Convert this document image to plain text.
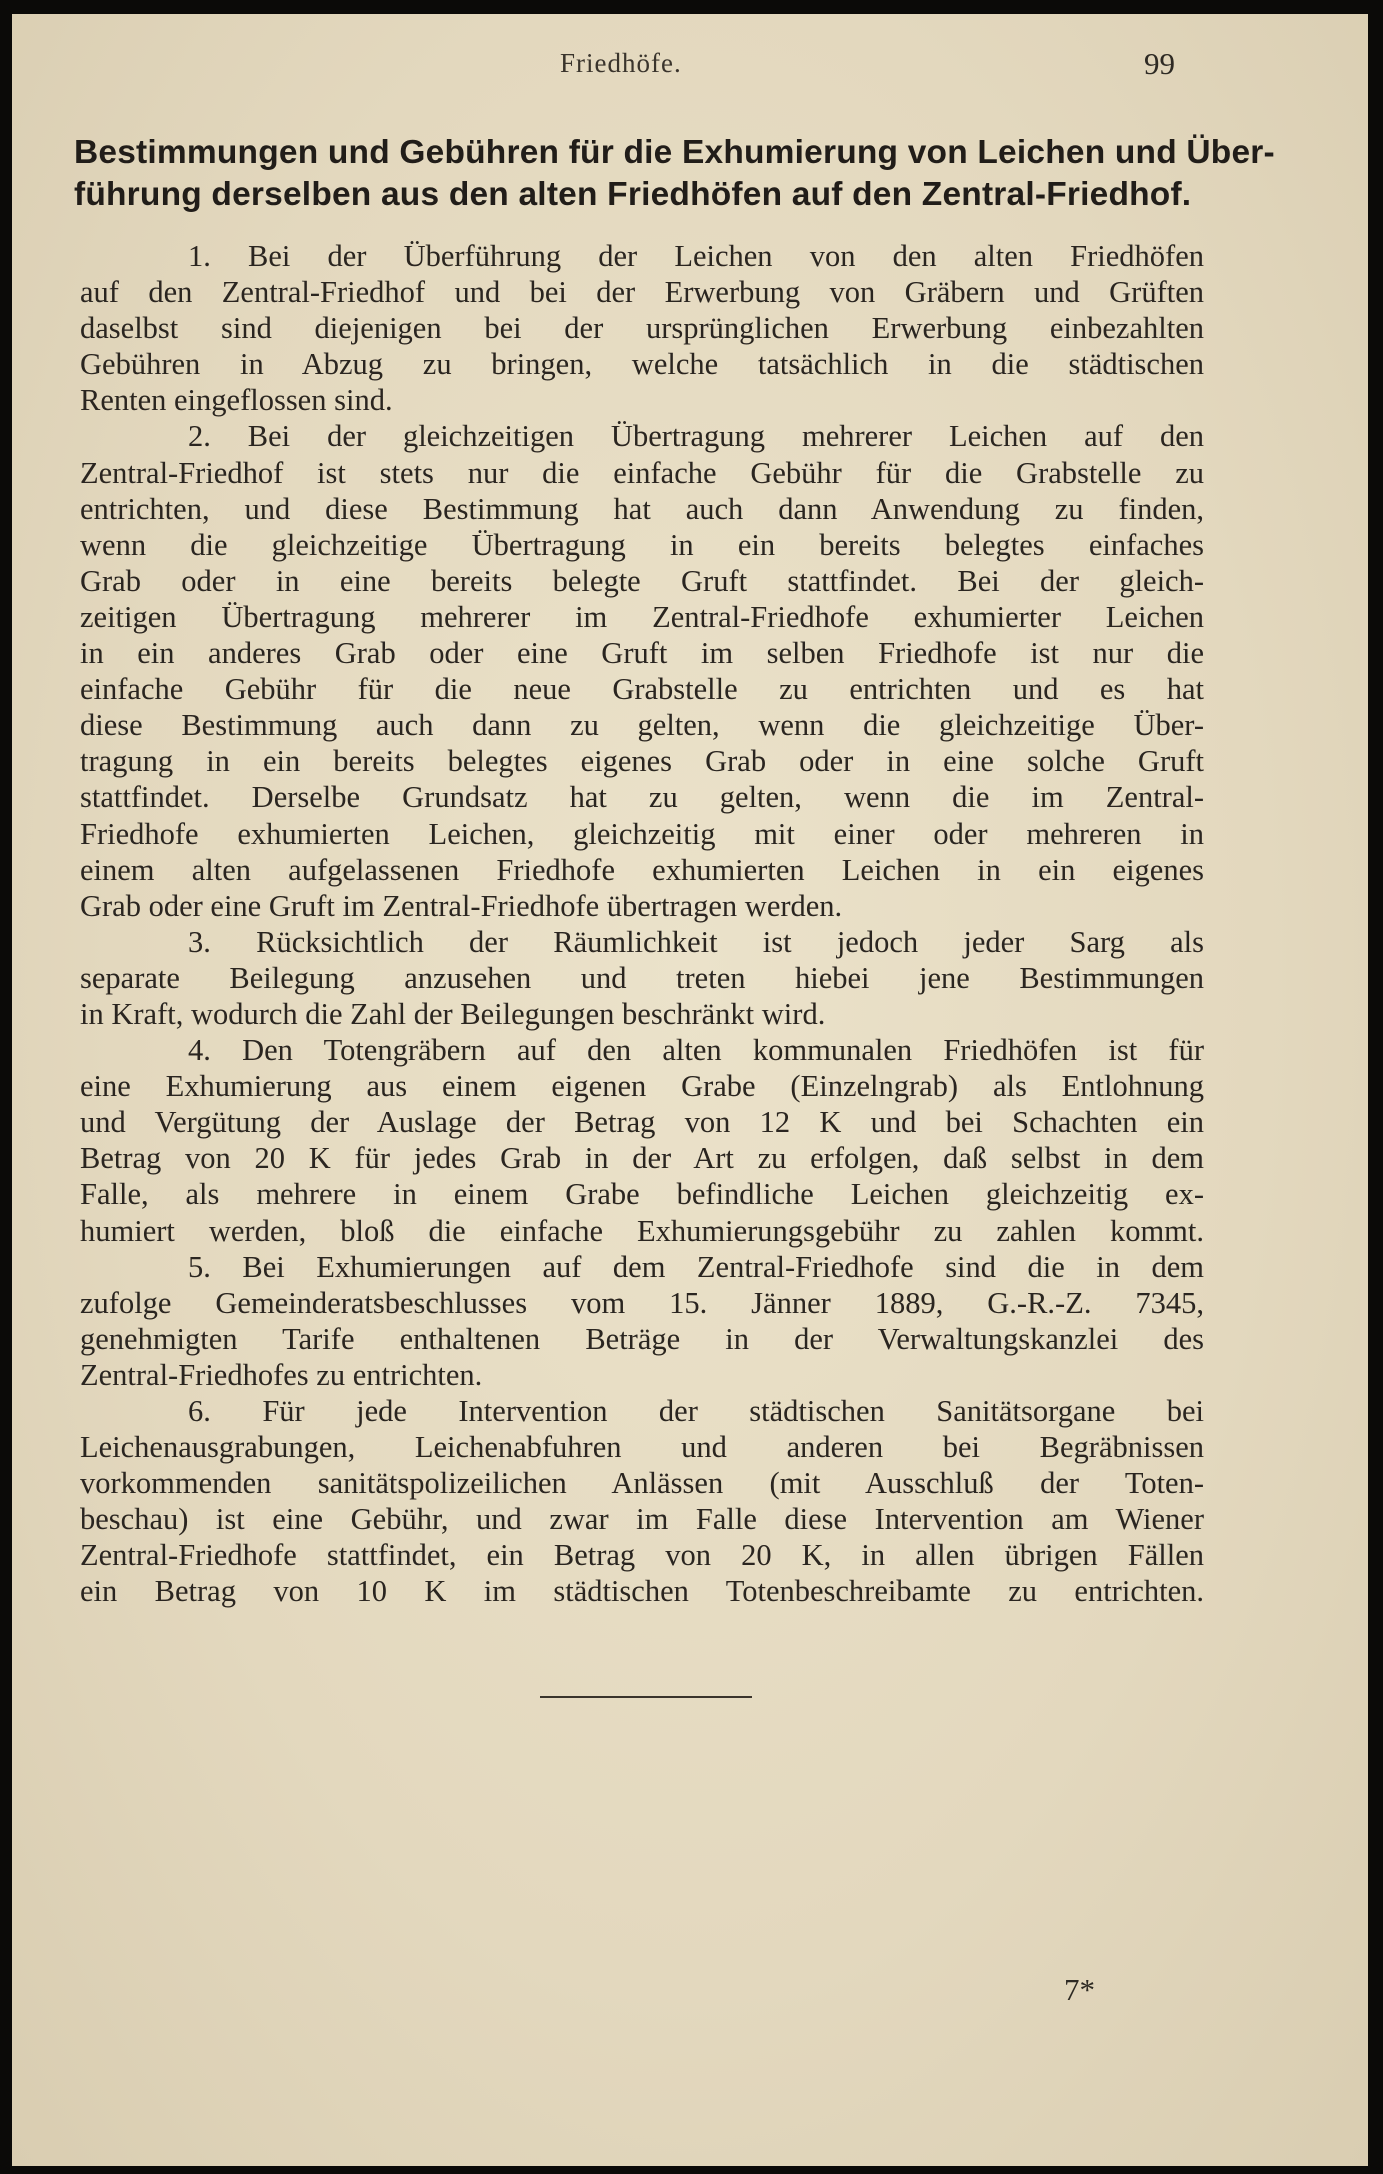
Friedhöfe.	99
Bestimmungen und Gebühren für die Exhumierung von Leichen und Über-
führung derselben aus den alten Friedhöfen auf den Zentral-Friedhof.

1. Bei der Überführung der Leichen von den alten Friedhöfen
auf den Zentral-Friedhof und bei der Erwerbung von Gräbern und Grüften
daselbst sind diejenigen bei der ursprünglichen Erwerbung einbezahlten
Gebühren in Abzug zu bringen, welche tatsächlich in die städtischen
Renten eingeflossen sind.

2. Bei der gleichzeitigen Übertragung mehrerer Leichen auf den
Zentral-Friedhof ist stets nur die einfache Gebühr für die Grabstelle zu
entrichten, und diese Bestimmung hat auch dann Anwendung zu finden,
wenn die gleichzeitige Übertragung in ein bereits belegtes einfaches
Grab oder in eine bereits belegte Gruft stattfindet. Bei der gleich-
zeitigen Übertragung mehrerer im Zentral-Friedhofe exhumierter Leichen
in ein anderes Grab oder eine Gruft im selben Friedhofe ist nur die
einfache Gebühr für die neue Grabstelle zu entrichten und es hat
diese Bestimmung auch dann zu gelten, wenn die gleichzeitige Über-
tragung in ein bereits belegtes eigenes Grab oder in eine solche Gruft
stattfindet. Derselbe Grundsatz hat zu gelten, wenn die im Zentral-
Friedhofe exhumierten Leichen, gleichzeitig mit einer oder mehreren in
einem alten aufgelassenen Friedhofe exhumierten Leichen in ein eigenes
Grab oder eine Gruft im Zentral-Friedhofe übertragen werden.

3. Rücksichtlich der Räumlichkeit ist jedoch jeder Sarg als
separate Beilegung anzusehen und treten hiebei jene Bestimmungen
in Kraft, wodurch die Zahl der Beilegungen beschränkt wird.

4. Den Totengräbern auf den alten kommunalen Friedhöfen ist für
eine Exhumierung aus einem eigenen Grabe (Einzelngrab) als Entlohnung
und Vergütung der Auslage der Betrag von 12 K und bei Schachten ein
Betrag von 20 K für jedes Grab in der Art zu erfolgen, daß selbst in dem
Falle, als mehrere in einem Grabe befindliche Leichen gleichzeitig ex-
humiert werden, bloß die einfache Exhumierungsgebühr zu zahlen kommt.

5. Bei Exhumierungen auf dem Zentral-Friedhofe sind die in dem
zufolge Gemeinderatsbeschlusses vom 15. Jänner 1889, G.-R.-Z. 7345,
genehmigten Tarife enthaltenen Beträge in der Verwaltungskanzlei des
Zentral-Friedhofes zu entrichten.

6. Für jede Intervention der städtischen Sanitätsorgane bei
Leichenausgrabungen, Leichenabfuhren und anderen bei Begräbnissen
vorkommenden sanitätspolizeilichen Anlässen (mit Ausschluß der Toten-
beschau) ist eine Gebühr, und zwar im Falle diese Intervention am Wiener
Zentral-Friedhofe stattfindet, ein Betrag von 20 K, in allen übrigen Fällen
ein Betrag von 10 K im städtischen Totenbeschreibamte zu entrichten.

7*
